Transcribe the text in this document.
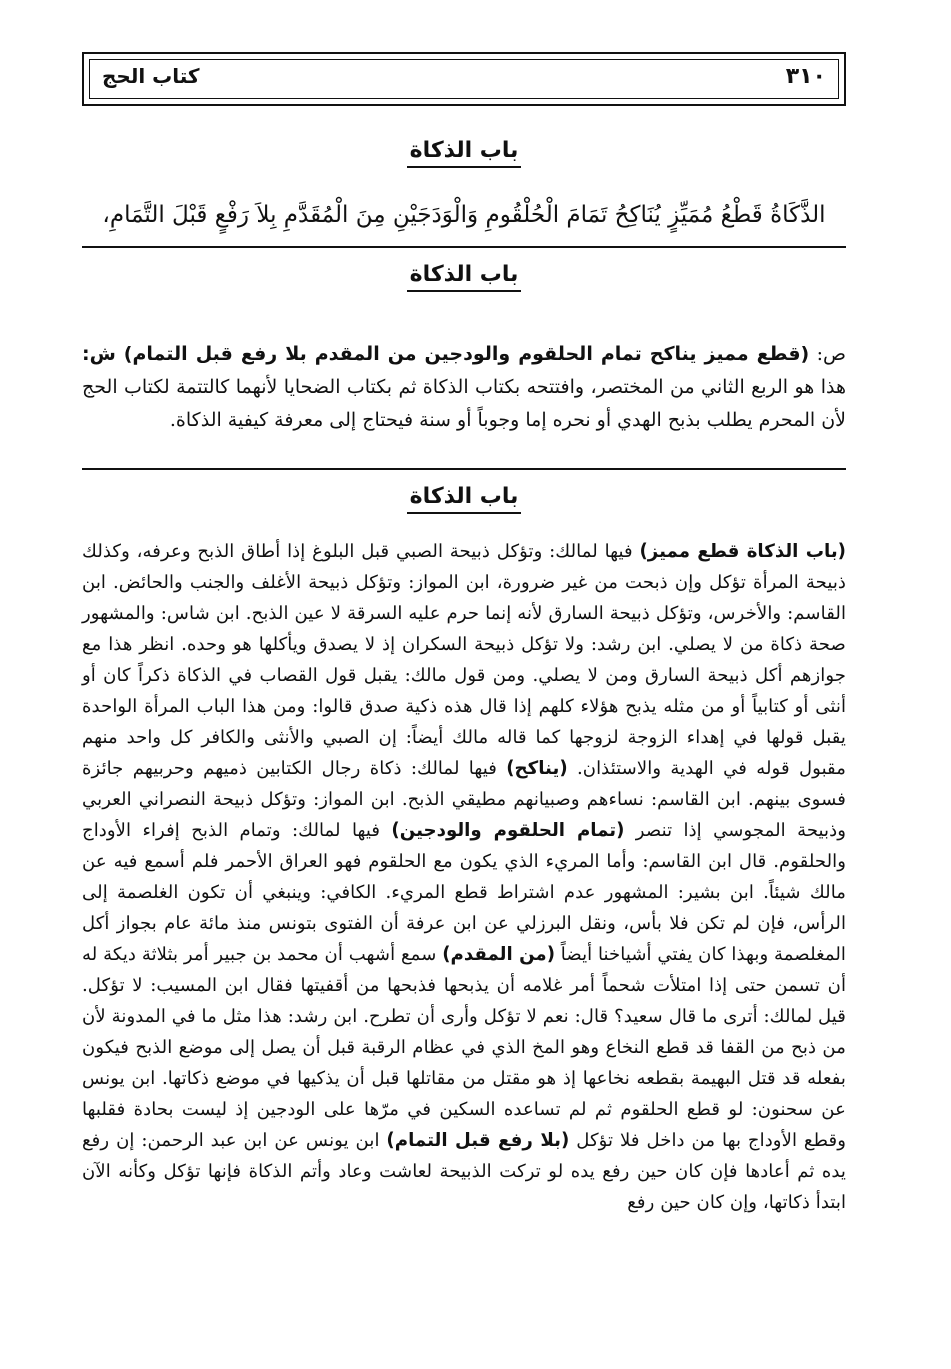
٣١٠
كتاب الحج
باب الذكاة
الذَّكَاةُ قَطْعُ مُمَيِّزٍ يُنَاكِحُ تَمَامَ الْحُلْقُومِ وَالْوَدَجَيْنِ مِنَ الْمُقَدَّمِ بِلاَ رَفْعٍ قَبْلَ التَّمَامِ،
باب الذكاة
ص: (قطع مميز يناكح تمام الحلقوم والودجين من المقدم بلا رفع قبل التمام) ش: هذا هو الربع الثاني من المختصر، وافتتحه بكتاب الذكاة ثم بكتاب الضحايا لأنهما كالتتمة لكتاب الحج لأن المحرم يطلب بذبح الهدي أو نحره إما وجوباً أو سنة فيحتاج إلى معرفة كيفية الذكاة.
باب الذكاة
(باب الذكاة قطع مميز) فيها لمالك: وتؤكل ذبيحة الصبي قبل البلوغ إذا أطاق الذبح وعرفه، وكذلك ذبيحة المرأة تؤكل وإن ذبحت من غير ضرورة، ابن المواز: وتؤكل ذبيحة الأغلف والجنب والحائض. ابن القاسم: والأخرس، وتؤكل ذبيحة السارق لأنه إنما حرم عليه السرقة لا عين الذبح. ابن شاس: والمشهور صحة ذكاة من لا يصلي. ابن رشد: ولا تؤكل ذبيحة السكران إذ لا يصدق ويأكلها هو وحده. انظر هذا مع جوازهم أكل ذبيحة السارق ومن لا يصلي. ومن قول مالك: يقبل قول القصاب في الذكاة ذكراً كان أو أنثى أو كتابياً أو من مثله يذبح هؤلاء كلهم إذا قال هذه ذكية صدق قالوا: ومن هذا الباب المرأة الواحدة يقبل قولها في إهداء الزوجة لزوجها كما قاله مالك أيضاً: إن الصبي والأنثى والكافر كل واحد منهم مقبول قوله في الهدية والاستئذان. (يناكح) فيها لمالك: ذكاة رجال الكتابين ذميهم وحربيهم جائزة فسوى بينهم. ابن القاسم: نساءهم وصبيانهم مطيقي الذبح. ابن المواز: وتؤكل ذبيحة النصراني العربي وذبيحة المجوسي إذا تنصر (تمام الحلقوم والودجين) فيها لمالك: وتمام الذبح إفراء الأوداج والحلقوم. قال ابن القاسم: وأما المريء الذي يكون مع الحلقوم فهو العراق الأحمر فلم أسمع فيه عن مالك شيئاً. ابن بشير: المشهور عدم اشتراط قطع المريء. الكافي: وينبغي أن تكون الغلصمة إلى الرأس، فإن لم تكن فلا بأس، ونقل البرزلي عن ابن عرفة أن الفتوى بتونس منذ مائة عام بجواز أكل المغلصمة وبهذا كان يفتي أشياخنا أيضاً (من المقدم) سمع أشهب أن محمد بن جبير أمر بثلاثة ديكة له أن تسمن حتى إذا امتلأت شحماً أمر غلامه أن يذبحها فذبحها من أقفيتها فقال ابن المسيب: لا تؤكل. قيل لمالك: أترى ما قال سعيد؟ قال: نعم لا تؤكل وأرى أن تطرح. ابن رشد: هذا مثل ما في المدونة لأن من ذبح من القفا قد قطع النخاع وهو المخ الذي في عظام الرقبة قبل أن يصل إلى موضع الذبح فيكون بفعله قد قتل البهيمة بقطعه نخاعها إذ هو مقتل من مقاتلها قبل أن يذكيها في موضع ذكاتها. ابن يونس عن سحنون: لو قطع الحلقوم ثم لم تساعده السكين في مرّها على الودجين إذ ليست بحادة فقلبها وقطع الأوداج بها من داخل فلا تؤكل (بلا رفع قبل التمام) ابن يونس عن ابن عبد الرحمن: إن رفع يده ثم أعادها فإن كان حين رفع يده لو تركت الذبيحة لعاشت وعاد وأتم الذكاة فإنها تؤكل وكأنه الآن ابتدأ ذكاتها، وإن كان حين رفع
